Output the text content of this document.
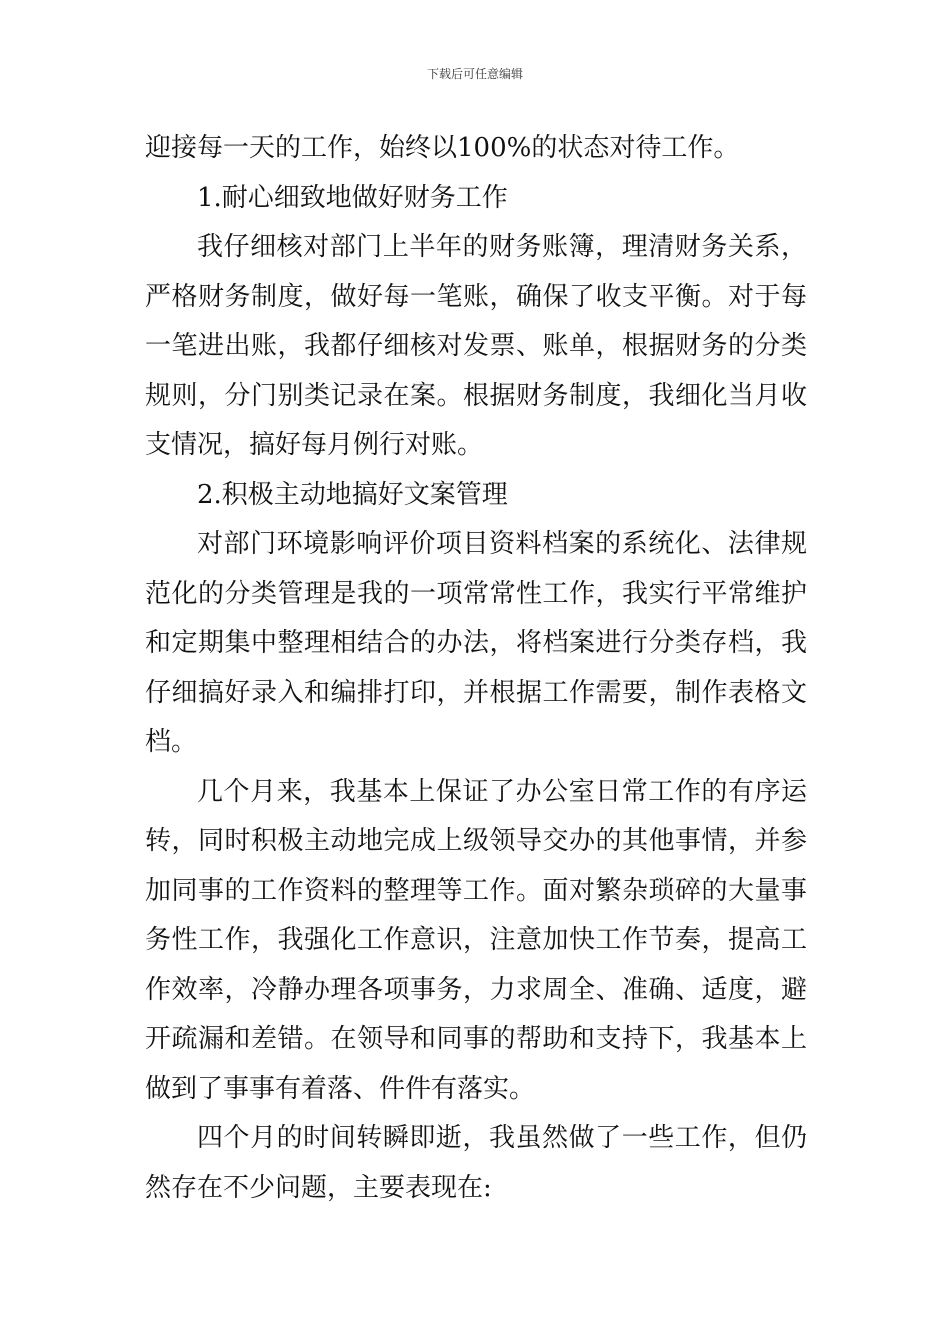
下载后可任意编辑

迎接每一天的工作，始终以100%的状态对待工作。

1.耐心细致地做好财务工作

我仔细核对部门上半年的财务账簿，理清财务关系，严格财务制度，做好每一笔账，确保了收支平衡。对于每一笔进出账，我都仔细核对发票、账单，根据财务的分类规则，分门别类记录在案。根据财务制度，我细化当月收支情况，搞好每月例行对账。

2.积极主动地搞好文案管理

对部门环境影响评价项目资料档案的系统化、法律规范化的分类管理是我的一项常常性工作，我实行平常维护和定期集中整理相结合的办法，将档案进行分类存档，我仔细搞好录入和编排打印，并根据工作需要，制作表格文档。

几个月来，我基本上保证了办公室日常工作的有序运转，同时积极主动地完成上级领导交办的其他事情，并参加同事的工作资料的整理等工作。面对繁杂琐碎的大量事务性工作，我强化工作意识，注意加快工作节奏，提高工作效率，冷静办理各项事务，力求周全、准确、适度，避开疏漏和差错。在领导和同事的帮助和支持下，我基本上做到了事事有着落、件件有落实。

四个月的时间转瞬即逝，我虽然做了一些工作，但仍然存在不少问题，主要表现在:
